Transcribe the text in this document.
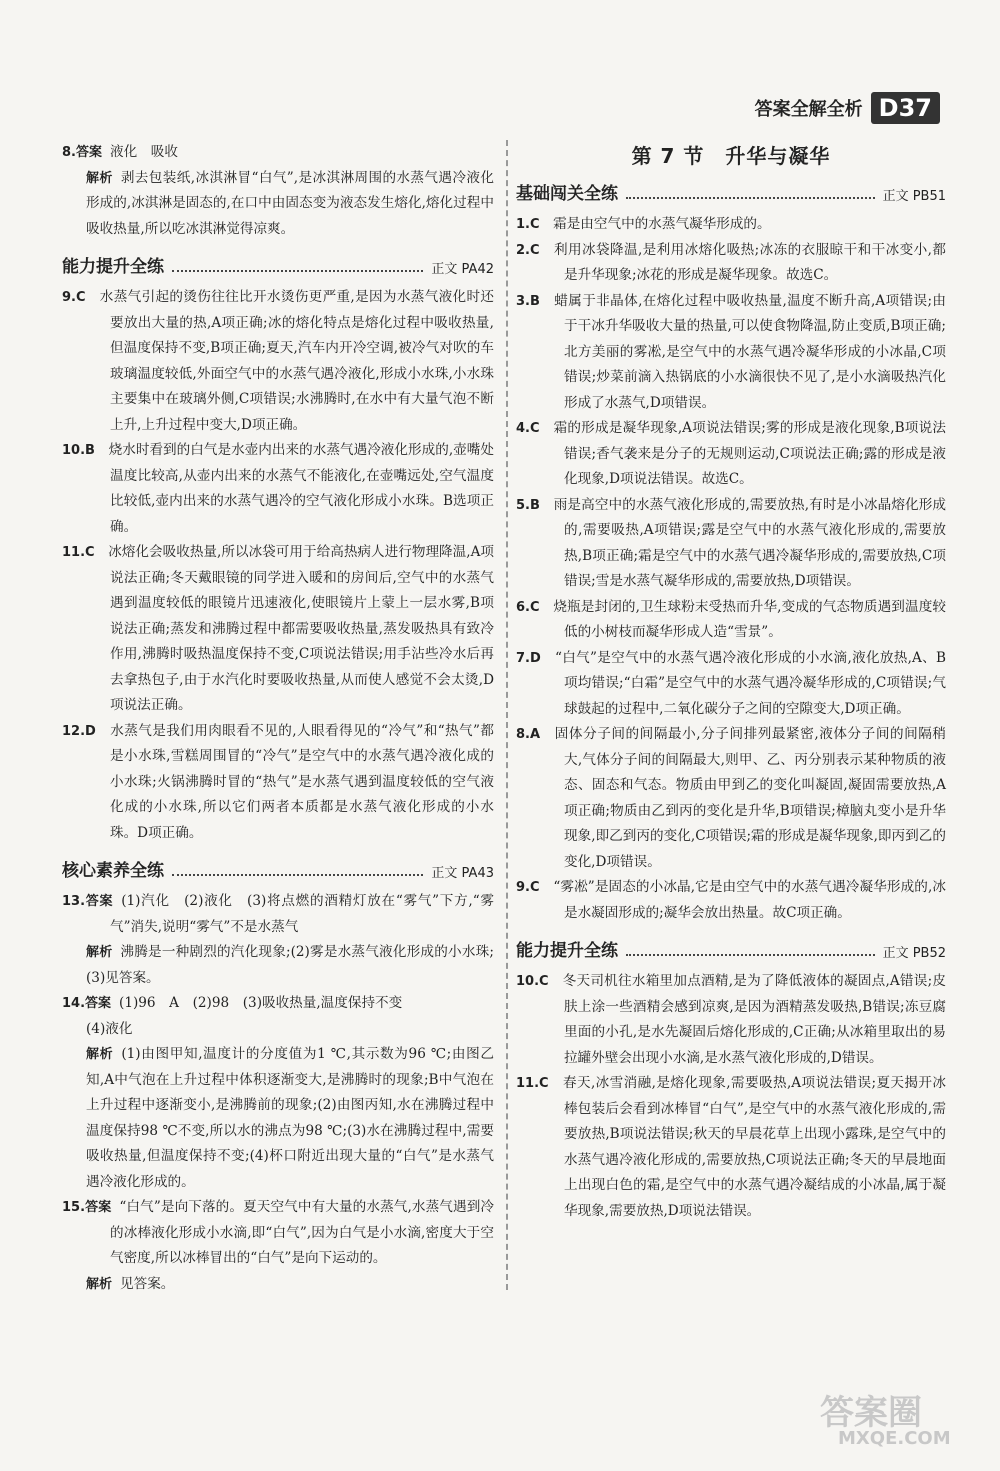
答案全解全析 D37

8.答案 液化　吸收

解析 剥去包装纸,冰淇淋冒“白气”,是冰淇淋周围的水蒸气遇冷液化形成的,冰淇淋是固态的,在口中由固态变为液态发生熔化,熔化过程中吸收热量,所以吃冰淇淋觉得凉爽。

能力提升全练	正文 PA42

9.C　 水蒸气引起的烫伤往往比开水烫伤更严重,是因为水蒸气液化时还要放出大量的热,A项正确;冰的熔化特点是熔化过程中吸收热量,但温度保持不变,B项正确;夏天,汽车内开冷空调,被冷气对吹的车玻璃温度较低,外面空气中的水蒸气遇冷液化,形成小水珠,小水珠主要集中在玻璃外侧,C项错误;水沸腾时,在水中有大量气泡不断上升,上升过程中变大,D项正确。

10.B　 烧水时看到的白气是水壶内出来的水蒸气遇冷液化形成的,壶嘴处温度比较高,从壶内出来的水蒸气不能液化,在壶嘴远处,空气温度比较低,壶内出来的水蒸气遇冷的空气液化形成小水珠。B选项正确。

11.C　 冰熔化会吸收热量,所以冰袋可用于给高热病人进行物理降温,A项说法正确;冬天戴眼镜的同学进入暖和的房间后,空气中的水蒸气遇到温度较低的眼镜片迅速液化,使眼镜片上蒙上一层水雾,B项说法正确;蒸发和沸腾过程中都需要吸收热量,蒸发吸热具有致冷作用,沸腾时吸热温度保持不变,C项说法错误;用手沾些冷水后再去拿热包子,由于水汽化时要吸收热量,从而使人感觉不会太烫,D项说法正确。

12.D　 水蒸气是我们用肉眼看不见的,人眼看得见的“冷气”和“热气”都是小水珠,雪糕周围冒的“冷气”是空气中的水蒸气遇冷液化成的小水珠;火锅沸腾时冒的“热气”是水蒸气遇到温度较低的空气液化成的小水珠,所以它们两者本质都是水蒸气液化形成的小水珠。D项正确。

核心素养全练	正文 PA43

13.答案 (1)汽化　(2)液化　(3)将点燃的酒精灯放在“雾气”下方,“雾气”消失,说明“雾气”不是水蒸气

解析 沸腾是一种剧烈的汽化现象;(2)雾是水蒸气液化形成的小水珠;(3)见答案。

14.答案 (1)96　A　(2)98　(3)吸收热量,温度保持不变

(4)液化

解析 (1)由图甲知,温度计的分度值为1 ℃,其示数为96 ℃;由图乙知,A中气泡在上升过程中体积逐渐变大,是沸腾时的现象;B中气泡在上升过程中逐渐变小,是沸腾前的现象;(2)由图丙知,水在沸腾过程中温度保持98 ℃不变,所以水的沸点为98 ℃;(3)水在沸腾过程中,需要吸收热量,但温度保持不变;(4)杯口附近出现大量的“白气”是水蒸气遇冷液化形成的。

15.答案 “白气”是向下落的。夏天空气中有大量的水蒸气,水蒸气遇到冷的冰棒液化形成小水滴,即“白气”,因为白气是小水滴,密度大于空气密度,所以冰棒冒出的“白气”是向下运动的。

解析 见答案。

第 7 节　升华与凝华
基础闯关全练	正文 PB51

1.C　 霜是由空气中的水蒸气凝华形成的。

2.C　 利用冰袋降温,是利用冰熔化吸热;冰冻的衣服晾干和干冰变小,都是升华现象;冰花的形成是凝华现象。故选C。

3.B　 蜡属于非晶体,在熔化过程中吸收热量,温度不断升高,A项错误;由于干冰升华吸收大量的热量,可以使食物降温,防止变质,B项正确;北方美丽的雾凇,是空气中的水蒸气遇冷凝华形成的小冰晶,C项错误;炒菜前滴入热锅底的小水滴很快不见了,是小水滴吸热汽化形成了水蒸气,D项错误。

4.C　 霜的形成是凝华现象,A项说法错误;雾的形成是液化现象,B项说法错误;香气袭来是分子的无规则运动,C项说法正确;露的形成是液化现象,D项说法错误。故选C。

5.B　 雨是高空中的水蒸气液化形成的,需要放热,有时是小冰晶熔化形成的,需要吸热,A项错误;露是空气中的水蒸气液化形成的,需要放热,B项正确;霜是空气中的水蒸气遇冷凝华形成的,需要放热,C项错误;雪是水蒸气凝华形成的,需要放热,D项错误。

6.C　 烧瓶是封闭的,卫生球粉末受热而升华,变成的气态物质遇到温度较低的小树枝而凝华形成人造“雪景”。

7.D　 “白气”是空气中的水蒸气遇冷液化形成的小水滴,液化放热,A、B项均错误;“白霜”是空气中的水蒸气遇冷凝华形成的,C项错误;气球鼓起的过程中,二氧化碳分子之间的空隙变大,D项正确。

8.A　 固体分子间的间隔最小,分子间排列最紧密,液体分子间的间隔稍大,气体分子间的间隔最大,则甲、乙、丙分别表示某种物质的液态、固态和气态。物质由甲到乙的变化叫凝固,凝固需要放热,A项正确;物质由乙到丙的变化是升华,B项错误;樟脑丸变小是升华现象,即乙到丙的变化,C项错误;霜的形成是凝华现象,即丙到乙的变化,D项错误。

9.C　 “雾凇”是固态的小冰晶,它是由空气中的水蒸气遇冷凝华形成的,冰是水凝固形成的;凝华会放出热量。故C项正确。

能力提升全练	正文 PB52

10.C　 冬天司机往水箱里加点酒精,是为了降低液体的凝固点,A错误;皮肤上涂一些酒精会感到凉爽,是因为酒精蒸发吸热,B错误;冻豆腐里面的小孔,是水先凝固后熔化形成的,C正确;从冰箱里取出的易拉罐外壁会出现小水滴,是水蒸气液化形成的,D错误。

11.C　 春天,冰雪消融,是熔化现象,需要吸热,A项说法错误;夏天揭开冰棒包装后会看到冰棒冒“白气”,是空气中的水蒸气液化形成的,需要放热,B项说法错误;秋天的早晨花草上出现小露珠,是空气中的水蒸气遇冷液化形成的,需要放热,C项说法正确;冬天的早晨地面上出现白色的霜,是空气中的水蒸气遇冷凝结成的小冰晶,属于凝华现象,需要放热,D项说法错误。

答案圈
MXQE.COM
